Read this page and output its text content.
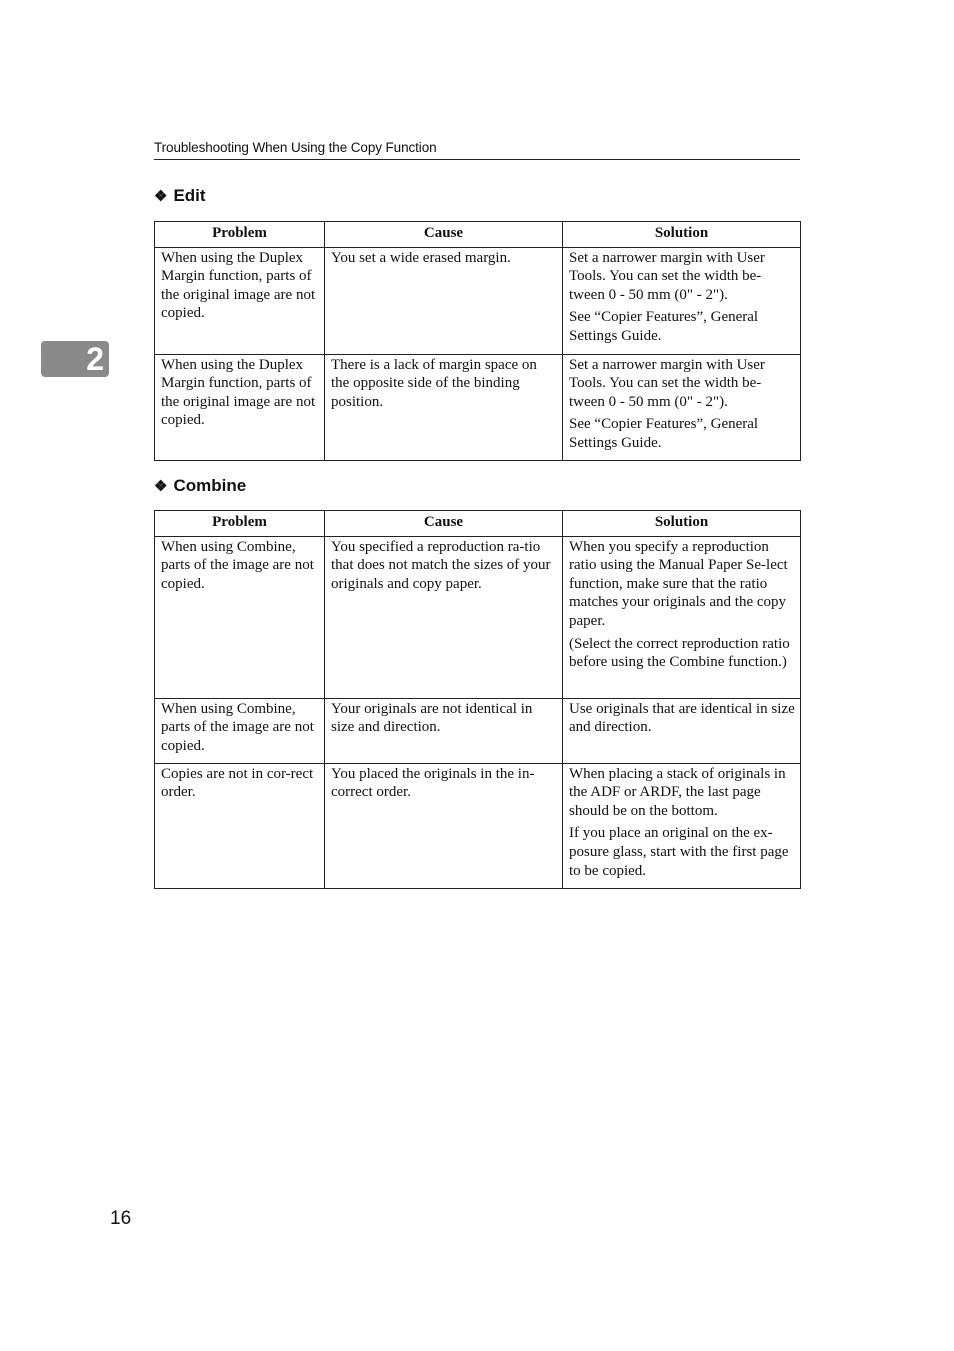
Troubleshooting When Using the Copy Function
2
❖ Edit
Problem	Cause	Solution

When using the Duplex Margin function, parts of the original image are not copied.	You set a wide erased margin.	Set a narrower margin with User Tools. You can set the width be-tween 0 - 50 mm (0" - 2").

See “Copier Features”, General Settings Guide.

When using the Duplex Margin function, parts of the original image are not copied.	There is a lack of margin space on the opposite side of the binding position.	Set a narrower margin with User Tools. You can set the width be-tween 0 - 50 mm (0" - 2").

See “Copier Features”, General Settings Guide.

❖ Combine
Problem	Cause	Solution

When using Combine, parts of the image are not copied.	You specified a reproduction ra-tio that does not match the sizes of your originals and copy paper.	When you specify a reproduction ratio using the Manual Paper Se-lect function, make sure that the ratio matches your originals and the copy paper.

(Select the correct reproduction ratio before using the Combine function.)

When using Combine, parts of the image are not copied.	Your originals are not identical in size and direction.	Use originals that are identical in size and direction.

Copies are not in cor-rect order.	You placed the originals in the in-correct order.	When placing a stack of originals in the ADF or ARDF, the last page should be on the bottom.

If you place an original on the ex-posure glass, start with the first page to be copied.

16
